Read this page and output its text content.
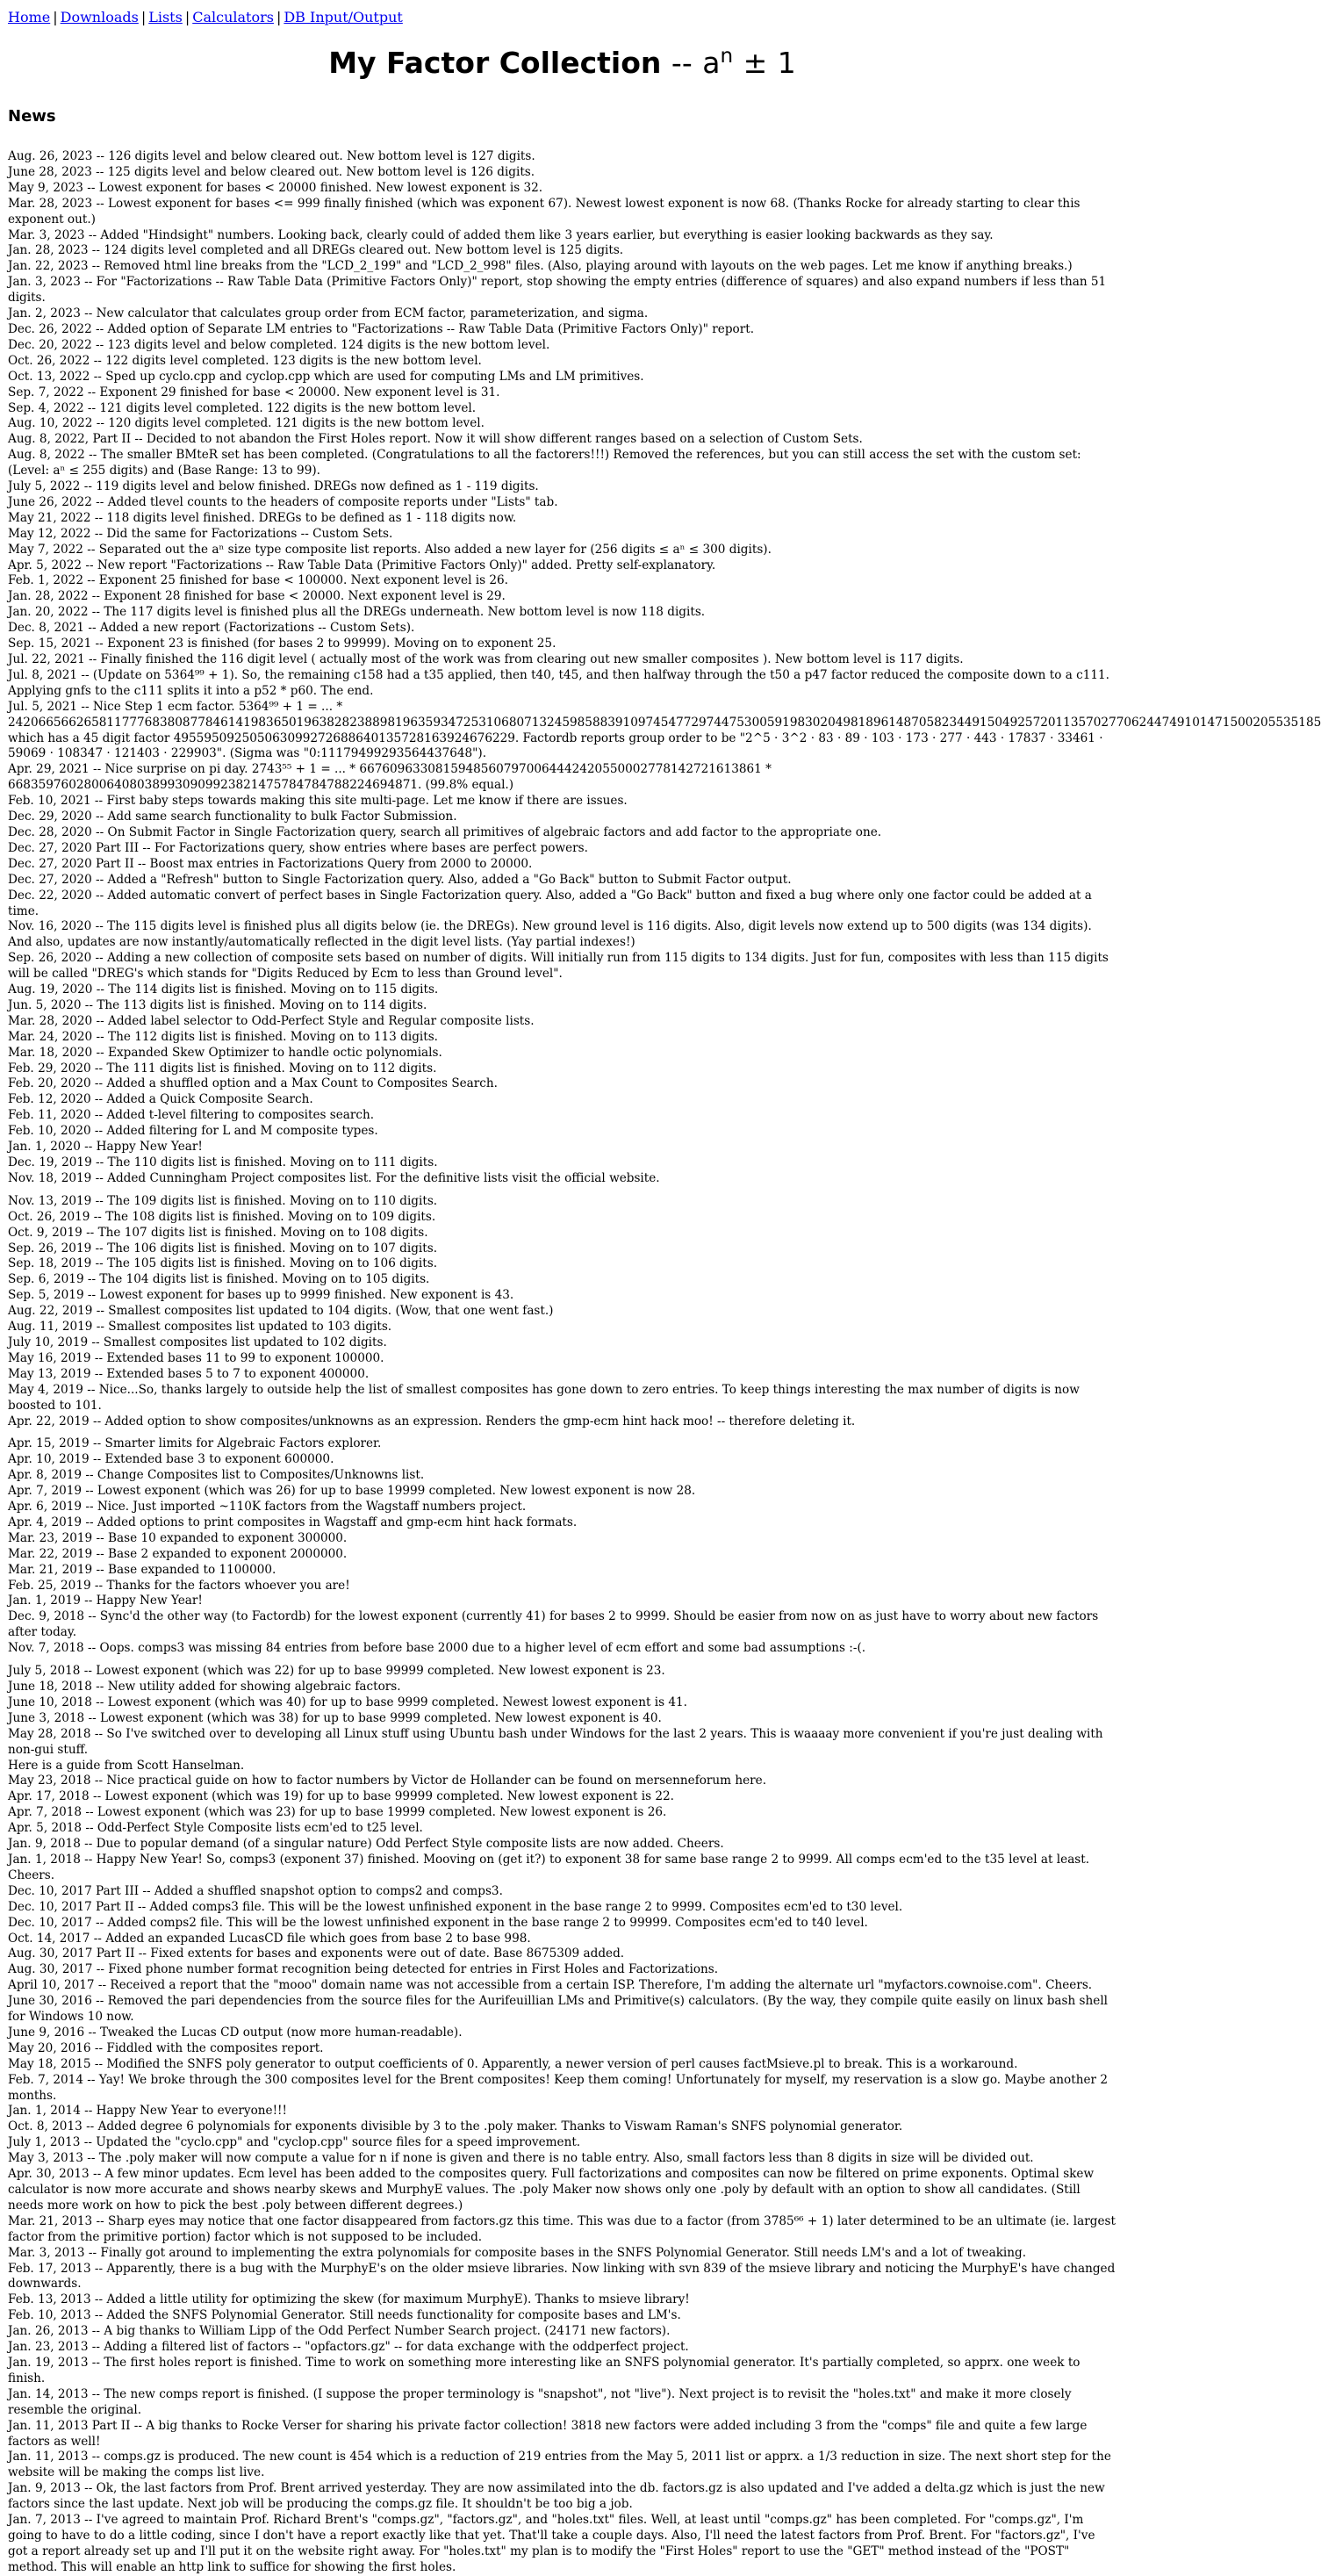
Home | Downloads | Lists | Calculators | DB Input/Output
My Factor Collection -- $a^n \pm 1$
News

Aug. 26, 2023 -- 126 digits level and below cleared out. New bottom level is 127 digits.

June 28, 2023 -- 125 digits level and below cleared out. New bottom level is 126 digits.

May 9, 2023 -- Lowest exponent for bases < 20000 finished. New lowest exponent is 32.

Mar. 28, 2023 -- Lowest exponent for bases <= 999 finally finished (which was exponent 67). Newest lowest exponent is now 68. (Thanks Rocke for already starting to clear this exponent out.)

Mar. 3, 2023 -- Added "Hindsight" numbers. Looking back, clearly could of added them like 3 years earlier, but everything is easier looking backwards as they say.

Jan. 28, 2023 -- 124 digits level completed and all DREGs cleared out. New bottom level is 125 digits.

Jan. 22, 2023 -- Removed html line breaks from the "LCD_2_199" and "LCD_2_998" files. (Also, playing around with layouts on the web pages. Let me know if anything breaks.)

Jan. 3, 2023 -- For "Factorizations -- Raw Table Data (Primitive Factors Only)" report, stop showing the empty entries (difference of squares) and also expand numbers if less than 51 digits.

Jan. 2, 2023 -- New calculator that calculates group order from ECM factor, parameterization, and sigma.

Dec. 26, 2022 -- Added option of Separate LM entries to "Factorizations -- Raw Table Data (Primitive Factors Only)" report.

Dec. 20, 2022 -- 123 digits level and below completed. 124 digits is the new bottom level.

Oct. 26, 2022 -- 122 digits level completed. 123 digits is the new bottom level.

Oct. 13, 2022 -- Sped up cyclo.cpp and cyclop.cpp which are used for computing LMs and LM primitives.

Sep. 7, 2022 -- Exponent 29 finished for base < 20000. New exponent level is 31.

Sep. 4, 2022 -- 121 digits level completed. 122 digits is the new bottom level.

Aug. 10, 2022 -- 120 digits level completed. 121 digits is the new bottom level.

Aug. 8, 2022, Part II -- Decided to not abandon the First Holes report. Now it will show different ranges based on a selection of Custom Sets.

Aug. 8, 2022 -- The smaller BMteR set has been completed. (Congratulations to all the factorers!!!) Removed the references, but you can still access the set with the custom set: (Level: aⁿ ≤ 255 digits) and (Base Range: 13 to 99).

July 5, 2022 -- 119 digits level and below finished. DREGs now defined as 1 - 119 digits.

June 26, 2022 -- Added tlevel counts to the headers of composite reports under "Lists" tab.

May 21, 2022 -- 118 digits level finished. DREGs to be defined as 1 - 118 digits now.

May 12, 2022 -- Did the same for Factorizations -- Custom Sets.

May 7, 2022 -- Separated out the aⁿ size type composite list reports. Also added a new layer for (256 digits ≤ aⁿ ≤ 300 digits).

Apr. 5, 2022 -- New report "Factorizations -- Raw Table Data (Primitive Factors Only)" added. Pretty self-explanatory.

Feb. 1, 2022 -- Exponent 25 finished for base < 100000. Next exponent level is 26.

Jan. 28, 2022 -- Exponent 28 finished for base < 20000. Next exponent level is 29.

Jan. 20, 2022 -- The 117 digits level is finished plus all the DREGs underneath. New bottom level is now 118 digits.

Dec. 8, 2021 -- Added a new report (Factorizations -- Custom Sets).

Sep. 15, 2021 -- Exponent 23 is finished (for bases 2 to 99999). Moving on to exponent 25.

Jul. 22, 2021 -- Finally finished the 116 digit level ( actually most of the work was from clearing out new smaller composites ). New bottom level is 117 digits.

Jul. 8, 2021 -- (Update on 5364⁹⁹ + 1). So, the remaining c158 had a t35 applied, then t40, t45, and then halfway through the t50 a p47 factor reduced the composite down to a c111. Applying gnfs to the c111 splits it into a p52 * p60. The end.

Jul. 5, 2021 -- Nice Step 1 ecm factor. 5364⁹⁹ + 1 = ... * 24206656626581177768380877846141983650196382823889819635934725310680713245985883910974547729744753005919830204981896148705823449150492572011357027706244749101471500205535185 which has a 45 digit factor 495595092505063099272688640135728163924676229. Factordb reports group order to be "2^5 · 3^2 · 83 · 89 · 103 · 173 · 277 · 443 · 17837 · 33461 · 59069 · 108347 · 121403 · 229903". (Sigma was "0:11179499293564437648").

Apr. 29, 2021 -- Nice surprise on pi day. 2743⁵⁵ + 1 = ... * 6676096330815948560797006444242055000277814272161386​1 * 668359760280064080389930909923821475784784788224694871. (99.8% equal.)

Feb. 10, 2021 -- First baby steps towards making this site multi-page. Let me know if there are issues.

Dec. 29, 2020 -- Add same search functionality to bulk Factor Submission.

Dec. 28, 2020 -- On Submit Factor in Single Factorization query, search all primitives of algebraic factors and add factor to the appropriate one.

Dec. 27, 2020 Part III -- For Factorizations query, show entries where bases are perfect powers.

Dec. 27, 2020 Part II -- Boost max entries in Factorizations Query from 2000 to 20000.

Dec. 27, 2020 -- Added a "Refresh" button to Single Factorization query. Also, added a "Go Back" button to Submit Factor output.

Dec. 22, 2020 -- Added automatic convert of perfect bases in Single Factorization query. Also, added a "Go Back" button and fixed a bug where only one factor could be added at a time.

Nov. 16, 2020 -- The 115 digits level is finished plus all digits below (ie. the DREGs). New ground level is 116 digits. Also, digit levels now extend up to 500 digits (was 134 digits). And also, updates are now instantly/automatically reflected in the digit level lists. (Yay partial indexes!)

Sep. 26, 2020 -- Adding a new collection of composite sets based on number of digits. Will initially run from 115 digits to 134 digits. Just for fun, composites with less than 115 digits will be called "DREG's which stands for "Digits Reduced by Ecm to less than Ground level".

Aug. 19, 2020 -- The 114 digits list is finished. Moving on to 115 digits.

Jun. 5, 2020 -- The 113 digits list is finished. Moving on to 114 digits.

Mar. 28, 2020 -- Added label selector to Odd-Perfect Style and Regular composite lists.

Mar. 24, 2020 -- The 112 digits list is finished. Moving on to 113 digits.

Mar. 18, 2020 -- Expanded Skew Optimizer to handle octic polynomials.

Feb. 29, 2020 -- The 111 digits list is finished. Moving on to 112 digits.

Feb. 20, 2020 -- Added a shuffled option and a Max Count to Composites Search.

Feb. 12, 2020 -- Added a Quick Composite Search.

Feb. 11, 2020 -- Added t-level filtering to composites search.

Feb. 10, 2020 -- Added filtering for L and M composite types.

Jan. 1, 2020 -- Happy New Year!

Dec. 19, 2019 -- The 110 digits list is finished. Moving on to 111 digits.

Nov. 18, 2019 -- Added Cunningham Project composites list. For the definitive lists visit the official website.

Nov. 13, 2019 -- The 109 digits list is finished. Moving on to 110 digits.

Oct. 26, 2019 -- The 108 digits list is finished. Moving on to 109 digits.

Oct. 9, 2019 -- The 107 digits list is finished. Moving on to 108 digits.

Sep. 26, 2019 -- The 106 digits list is finished. Moving on to 107 digits.

Sep. 18, 2019 -- The 105 digits list is finished. Moving on to 106 digits.

Sep. 6, 2019 -- The 104 digits list is finished. Moving on to 105 digits.

Sep. 5, 2019 -- Lowest exponent for bases up to 9999 finished. New exponent is 43.

Aug. 22, 2019 -- Smallest composites list updated to 104 digits. (Wow, that one went fast.)

Aug. 11, 2019 -- Smallest composites list updated to 103 digits.

July 10, 2019 -- Smallest composites list updated to 102 digits.

May 16, 2019 -- Extended bases 11 to 99 to exponent 100000.

May 13, 2019 -- Extended bases 5 to 7 to exponent 400000.

May 4, 2019 -- Nice...So, thanks largely to outside help the list of smallest composites has gone down to zero entries. To keep things interesting the max number of digits is now boosted to 101.

Apr. 22, 2019 -- Added option to show composites/unknowns as an expression. Renders the gmp-ecm hint hack moo! -- therefore deleting it.

Apr. 15, 2019 -- Smarter limits for Algebraic Factors explorer.

Apr. 10, 2019 -- Extended base 3 to exponent 600000.

Apr. 8, 2019 -- Change Composites list to Composites/Unknowns list.

Apr. 7, 2019 -- Lowest exponent (which was 26) for up to base 19999 completed. New lowest exponent is now 28.

Apr. 6, 2019 -- Nice. Just imported ~110K factors from the Wagstaff numbers project.

Apr. 4, 2019 -- Added options to print composites in Wagstaff and gmp-ecm hint hack formats.

Mar. 23, 2019 -- Base 10 expanded to exponent 300000.

Mar. 22, 2019 -- Base 2 expanded to exponent 2000000.

Mar. 21, 2019 -- Base expanded to 1100000.

Feb. 25, 2019 -- Thanks for the factors whoever you are!

Jan. 1, 2019 -- Happy New Year!

Dec. 9, 2018 -- Sync'd the other way (to Factordb) for the lowest exponent (currently 41) for bases 2 to 9999. Should be easier from now on as just have to worry about new factors after today.

Nov. 7, 2018 -- Oops. comps3 was missing 84 entries from before base 2000 due to a higher level of ecm effort and some bad assumptions :-(.

July 5, 2018 -- Lowest exponent (which was 22) for up to base 99999 completed. New lowest exponent is 23.

June 18, 2018 -- New utility added for showing algebraic factors.

June 10, 2018 -- Lowest exponent (which was 40) for up to base 9999 completed. Newest lowest exponent is 41.

June 3, 2018 -- Lowest exponent (which was 38) for up to base 9999 completed. New lowest exponent is 40.

May 28, 2018 -- So I've switched over to developing all Linux stuff using Ubuntu bash under Windows for the last 2 years. This is waaaay more convenient if you're just dealing with non-gui stuff.

Here is a guide from Scott Hanselman.

May 23, 2018 -- Nice practical guide on how to factor numbers by Victor de Hollander can be found on mersenneforum here.

Apr. 17, 2018 -- Lowest exponent (which was 19) for up to base 99999 completed. New lowest exponent is 22.

Apr. 7, 2018 -- Lowest exponent (which was 23) for up to base 19999 completed. New lowest exponent is 26.

Apr. 5, 2018 -- Odd-Perfect Style Composite lists ecm'ed to t25 level.

Jan. 9, 2018 -- Due to popular demand (of a singular nature) Odd Perfect Style composite lists are now added. Cheers.

Jan. 1, 2018 -- Happy New Year! So, comps3 (exponent 37) finished. Mooving on (get it?) to exponent 38 for same base range 2 to 9999. All comps ecm'ed to the t35 level at least. Cheers.

Dec. 10, 2017 Part III -- Added a shuffled snapshot option to comps2 and comps3.

Dec. 10, 2017 Part II -- Added comps3 file. This will be the lowest unfinished exponent in the base range 2 to 9999. Composites ecm'ed to t30 level.

Dec. 10, 2017 -- Added comps2 file. This will be the lowest unfinished exponent in the base range 2 to 99999. Composites ecm'ed to t40 level.

Oct. 14, 2017 -- Added an expanded LucasCD file which goes from base 2 to base 998.

Aug. 30, 2017 Part II -- Fixed extents for bases and exponents were out of date. Base 8675309 added.

Aug. 30, 2017 -- Fixed phone number format recognition being detected for entries in First Holes and Factorizations.

April 10, 2017 -- Received a report that the "mooo" domain name was not accessible from a certain ISP. Therefore, I'm adding the alternate url "myfactors.cownoise.com". Cheers.

June 30, 2016 -- Removed the pari dependencies from the source files for the Aurifeuillian LMs and Primitive(s) calculators. (By the way, they compile quite easily on linux bash shell for Windows 10 now.

June 9, 2016 -- Tweaked the Lucas CD output (now more human-readable).

May 20, 2016 -- Fiddled with the composites report.

May 18, 2015 -- Modified the SNFS poly generator to output coefficients of 0. Apparently, a newer version of perl causes factMsieve.pl to break. This is a workaround.

Feb. 7, 2014 -- Yay! We broke through the 300 composites level for the Brent composites! Keep them coming! Unfortunately for myself, my reservation is a slow go. Maybe another 2 months.

Jan. 1, 2014 -- Happy New Year to everyone!!!

Oct. 8, 2013 -- Added degree 6 polynomials for exponents divisible by 3 to the .poly maker. Thanks to Viswam Raman's SNFS polynomial generator.

July 1, 2013 -- Updated the "cyclo.cpp" and "cyclop.cpp" source files for a speed improvement.

May 3, 2013 -- The .poly maker will now compute a value for n if none is given and there is no table entry. Also, small factors less than 8 digits in size will be divided out.

Apr. 30, 2013 -- A few minor updates. Ecm level has been added to the composites query. Full factorizations and composites can now be filtered on prime exponents. Optimal skew calculator is now more accurate and shows nearby skews and MurphyE values. The .poly Maker now shows only one .poly by default with an option to show all candidates. (Still needs more work on how to pick the best .poly between different degrees.)

Mar. 21, 2013 -- Sharp eyes may notice that one factor disappeared from factors.gz this time. This was due to a factor (from 3785⁶⁶ + 1) later determined to be an ultimate (ie. largest factor from the primitive portion) factor which is not supposed to be included.

Mar. 3, 2013 -- Finally got around to implementing the extra polynomials for composite bases in the SNFS Polynomial Generator. Still needs LM's and a lot of tweaking.

Feb. 17, 2013 -- Apparently, there is a bug with the MurphyE's on the older msieve libraries. Now linking with svn 839 of the msieve library and noticing the MurphyE's have changed downwards.

Feb. 13, 2013 -- Added a little utility for optimizing the skew (for maximum MurphyE). Thanks to msieve library!

Feb. 10, 2013 -- Added the SNFS Polynomial Generator. Still needs functionality for composite bases and LM's.

Jan. 26, 2013 -- A big thanks to William Lipp of the Odd Perfect Number Search project. (24171 new factors).

Jan. 23, 2013 -- Adding a filtered list of factors -- "opfactors.gz" -- for data exchange with the oddperfect project.

Jan. 19, 2013 -- The first holes report is finished. Time to work on something more interesting like an SNFS polynomial generator. It's partially completed, so apprx. one week to finish.

Jan. 14, 2013 -- The new comps report is finished. (I suppose the proper terminology is "snapshot", not "live"). Next project is to revisit the "holes.txt" and make it more closely resemble the original.

Jan. 11, 2013 Part II -- A big thanks to Rocke Verser for sharing his private factor collection! 3818 new factors were added including 3 from the "comps" file and quite a few large factors as well!

Jan. 11, 2013 -- comps.gz is produced. The new count is 454 which is a reduction of 219 entries from the May 5, 2011 list or apprx. a 1/3 reduction in size. The next short step for the website will be making the comps list live.

Jan. 9, 2013 -- Ok, the last factors from Prof. Brent arrived yesterday. They are now assimilated into the db. factors.gz is also updated and I've added a delta.gz which is just the new factors since the last update. Next job will be producing the comps.gz file. It shouldn't be too big a job.

Jan. 7, 2013 -- I've agreed to maintain Prof. Richard Brent's "comps.gz", "factors.gz", and "holes.txt" files. Well, at least until "comps.gz" has been completed. For "comps.gz", I'm going to have to do a little coding, since I don't have a report exactly like that yet. That'll take a couple days. Also, I'll need the latest factors from Prof. Brent. For "factors.gz", I've got a report already set up and I'll put it on the website right away. For "holes.txt" my plan is to modify the "First Holes" report to use the "GET" method instead of the "POST" method. This will enable an http link to suffice for showing the first holes.
